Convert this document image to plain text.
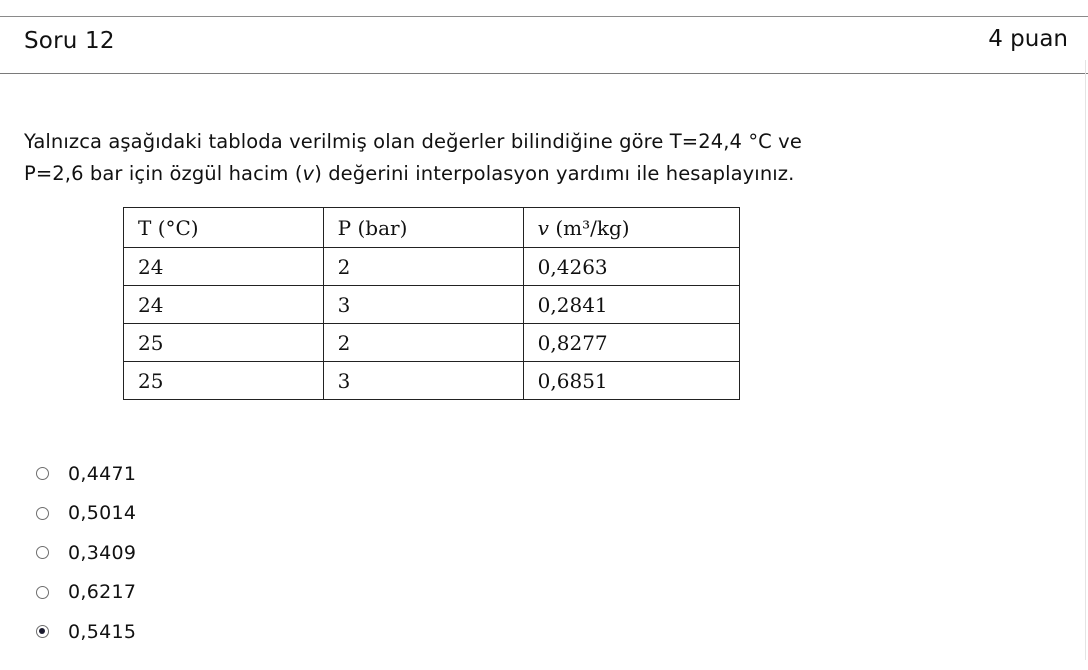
Soru 12	4 puan
Yalnızca aşağıdaki tabloda verilmiş olan değerler bilindiğine göre T=24,4 °C ve
P=2,6 bar için özgül hacim (v) değerini interpolasyon yardımı ile hesaplayınız.
T (°C)	P (bar)	v (m³/kg)
24	2	0,4263
24	3	0,2841
25	2	0,8277
25	3	0,6851
0,4471
0,5014
0,3409
0,6217
0,5415
